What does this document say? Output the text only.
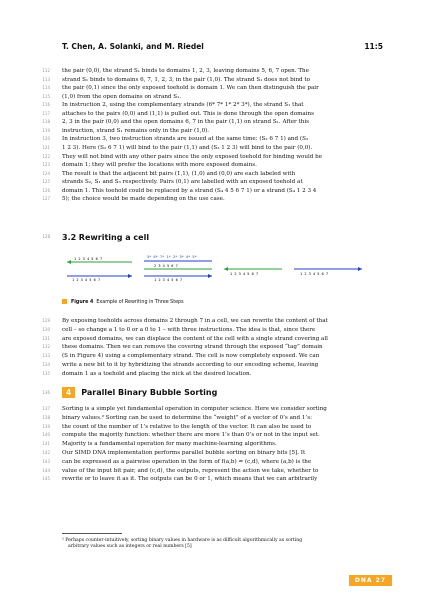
T. Chen, A. Solanki, and M. Riedel	11:5
112 the pair (0,0), the strand S₁ binds to domains 1, 2, 3, leaving domains 5, 6, 7 open. The
113 strand S₁ binds to domains 6, 7, 1, 2, 3, in the pair (1,0). The strand S₁ does not bind to
114 the pair (0,1) since the only exposed toehold is domain 1. We can then distinguish the pair
115 (1,0) from the open domains on strand S₁.
116 In instruction 2, using the complementary strands (6* 7* 1* 2* 3*), the strand S₁ that
117 attaches to the pairs (0,0) and (1,1) is pulled out. This is done through the open domains
118 2, 3 in the pair (0,0) and the open domains 6, 7 in the pair (1,1) on strand S₁. After this
119 instruction, strand S₁ remains only in the pair (1,0).
120 In instruction 3, two instruction strands are issued at the same time: (S₂ 6 7 1) and (S₃
121 1 2 3). Here (S₂ 6 7 1) will bind to the pair (1,1) and (S₃ 1 2 3) will bind to the pair (0,0).
122 They will not bind with any other pairs since the only exposed toehold for binding would be
123 domain 1; they will prefer the locations with more exposed domains.
124 The result is that the adjacent bit pairs (1,1), (1,0) and (0,0) are each labeled with
125 strands S₂, S₁ and S₃ respectively. Pairs (0,1) are labelled with an exposed toehold at
126 domain 1. This toehold could be replaced by a strand (S₄ 4 5 6 7 1) or a strand (S₄ 1 2 3 4
127 5); the choice would be made depending on the use case.
128 3.2 Rewriting a cell
1 2 3 4 5 6 7
1 2 3 4 5 6 7
5* 6* 7* 1* 2* 3* 4* 5*
2 3 4 5 6 7
1 2 3 4 5 6 7
1 2 3 4 5 6 7	1 2 3 4 5 6 7
Figure 4 Example of Rewriting in Three Steps
129 By exposing toeholds across domains 2 through 7 in a cell, we can rewrite the content of that
130 cell – so change a 1 to 0 or a 0 to 1 – with three instructions. The idea is that, since there
131 are exposed domains, we can displace the content of the cell with a single strand covering all
132 these domains. Then we can remove the covering strand through the exposed “tag” domain
133 (S in Figure 4) using a complementary strand. The cell is now completely exposed. We can
134 write a new bit to it by hybridizing the strands according to our encoding scheme, leaving
135 domain 1 as a toehold and placing the nick at the desired location.
136	4 Parallel Binary Bubble Sorting
137 Sorting is a simple yet fundamental operation in computer science. Here we consider sorting
138 binary values.² Sorting can be used to determine the “weight” of a vector of 0’s and 1’s:
139 the count of the number of 1’s relative to the length of the vector. It can also be used to
140 compute the majority function: whether there are more 1’s than 0’s or not in the input set.
141 Majority is a fundamental operation for many machine-learning algorithms.
142 Our SIMD DNA implementation performs parallel bubble sorting on binary bits [5]. It
143 can be expressed as a pairwise operation in the form of f(a,b) = (c,d), where (a,b) is the
144 value of the input bit pair, and (c,d), the outputs, represent the action we take, whether to
145 rewrite or to leave it as it. The outputs can be 0 or 1, which means that we can arbitrarily
² Perhaps counter-intuitively, sorting binary values in hardware is as difficult algorithmically as sorting
arbitrary values such as integers or real numbers [5]
DNA 27
